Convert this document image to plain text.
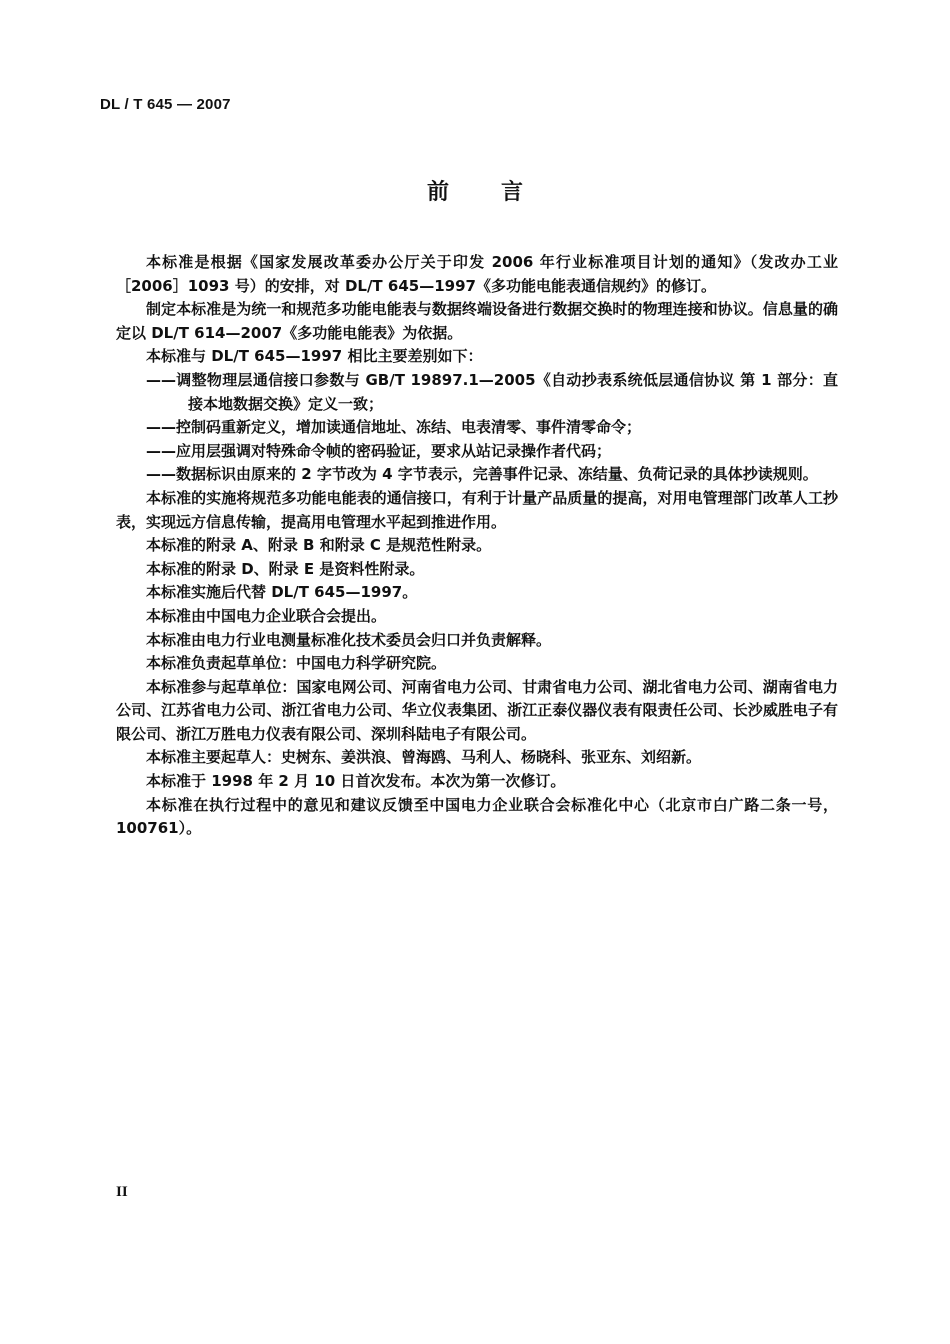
DL / T 645 — 2007
前言

本标准是根据《国家发展改革委办公厅关于印发 2006 年行业标准项目计划的通知》（发改办工业［2006］1093 号）的安排，对 DL/T 645—1997《多功能电能表通信规约》的修订。

制定本标准是为统一和规范多功能电能表与数据终端设备进行数据交换时的物理连接和协议。信息量的确定以 DL/T 614—2007《多功能电能表》为依据。

本标准与 DL/T 645—1997 相比主要差别如下：

——调整物理层通信接口参数与 GB/T 19897.1—2005《自动抄表系统低层通信协议 第 1 部分：直接本地数据交换》定义一致；

——控制码重新定义，增加读通信地址、冻结、电表清零、事件清零命令；

——应用层强调对特殊命令帧的密码验证，要求从站记录操作者代码；

——数据标识由原来的 2 字节改为 4 字节表示，完善事件记录、冻结量、负荷记录的具体抄读规则。

本标准的实施将规范多功能电能表的通信接口，有利于计量产品质量的提高，对用电管理部门改革人工抄表，实现远方信息传输，提高用电管理水平起到推进作用。

本标准的附录 A、附录 B 和附录 C 是规范性附录。

本标准的附录 D、附录 E 是资料性附录。

本标准实施后代替 DL/T 645—1997。

本标准由中国电力企业联合会提出。

本标准由电力行业电测量标准化技术委员会归口并负责解释。

本标准负责起草单位：中国电力科学研究院。

本标准参与起草单位：国家电网公司、河南省电力公司、甘肃省电力公司、湖北省电力公司、湖南省电力公司、江苏省电力公司、浙江省电力公司、华立仪表集团、浙江正泰仪器仪表有限责任公司、长沙威胜电子有限公司、浙江万胜电力仪表有限公司、深圳科陆电子有限公司。

本标准主要起草人：史树东、姜洪浪、曾海鸥、马利人、杨晓科、张亚东、刘绍新。

本标准于 1998 年 2 月 10 日首次发布。本次为第一次修订。

本标准在执行过程中的意见和建议反馈至中国电力企业联合会标准化中心（北京市白广路二条一号，100761）。

II
